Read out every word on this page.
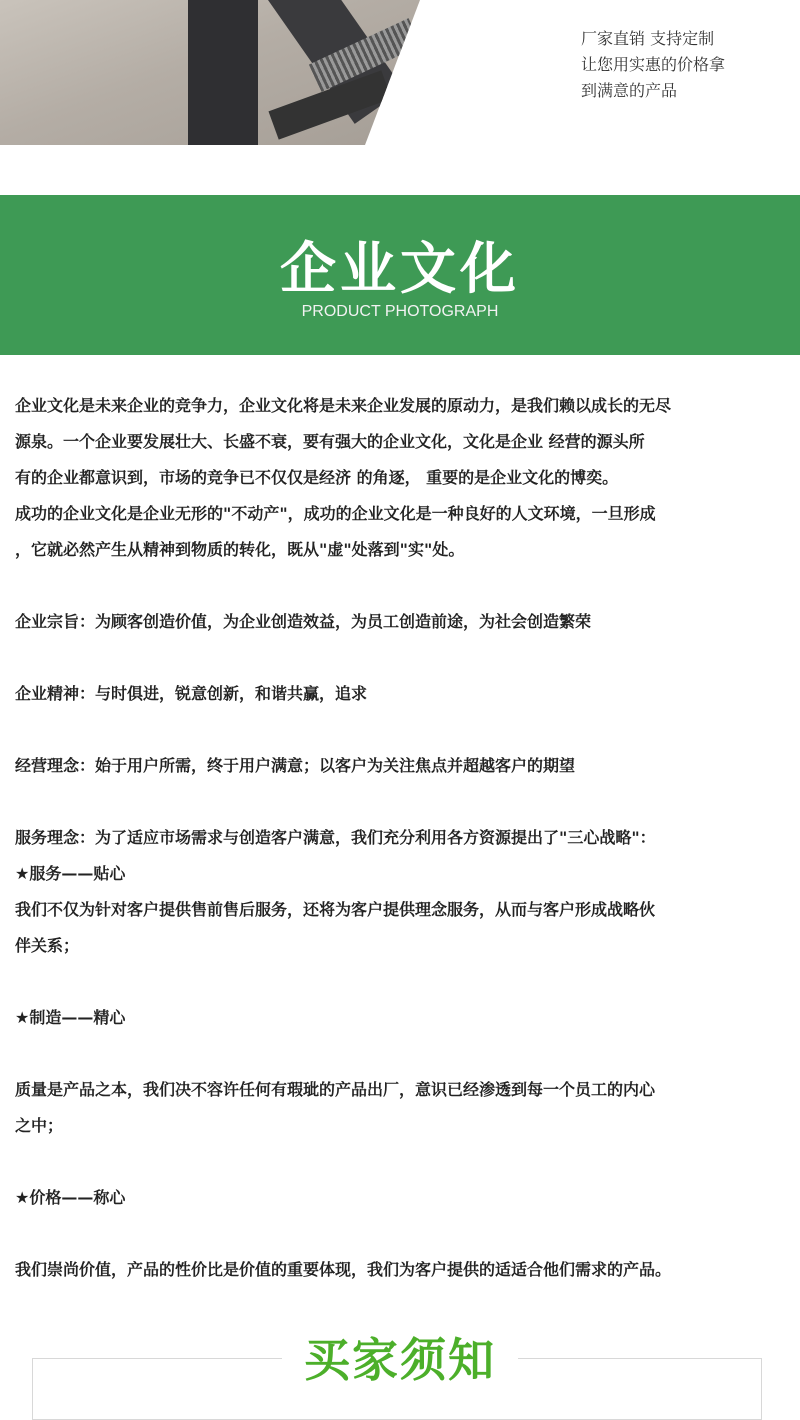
厂家直销 支持定制
让您用实惠的价格拿
到满意的产品
企业文化
PRODUCT PHOTOGRAPH

企业文化是未来企业的竞争力，企业文化将是未来企业发展的原动力，是我们赖以成长的无尽

源泉。一个企业要发展壮大、长盛不衰，要有强大的企业文化，文化是企业 经营的源头所

有的企业都意识到，市场的竞争已不仅仅是经济 的角逐， 重要的是企业文化的博奕。

成功的企业文化是企业无形的"不动产"，成功的企业文化是一种良好的人文环境，一旦形成

，它就必然产生从精神到物质的转化，既从"虚"处落到"实"处。

企业宗旨：为顾客创造价值，为企业创造效益，为员工创造前途，为社会创造繁荣

企业精神：与时俱进，锐意创新，和谐共赢，追求

经营理念：始于用户所需，终于用户满意；以客户为关注焦点并超越客户的期望

服务理念：为了适应市场需求与创造客户满意，我们充分利用各方资源提出了"三心战略"：

★服务——贴心

我们不仅为针对客户提供售前售后服务，还将为客户提供理念服务，从而与客户形成战略伙

伴关系；

★制造——精心

质量是产品之本，我们决不容许任何有瑕玼的产品出厂，意识已经渗透到每一个员工的内心

之中；

★价格——称心

我们崇尚价值，产品的性价比是价值的重要体现，我们为客户提供的适适合他们需求的产品。

买家须知
